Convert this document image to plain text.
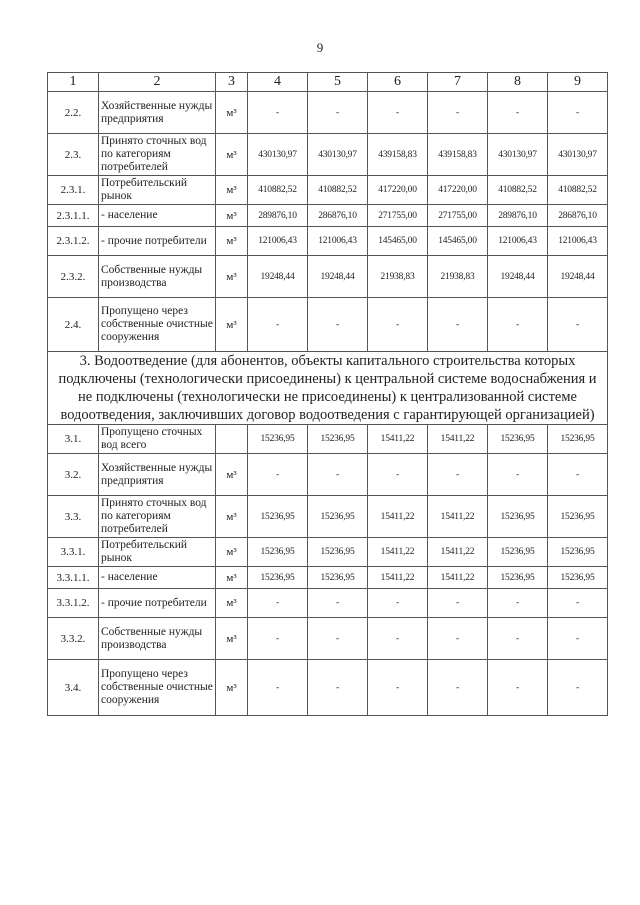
9
1	2	3	4	5	6	7	8	9
2.2.	Хозяйственные нужды предприятия	м³	-	-	-	-	-	-
2.3.	Принято сточных вод по категориям потребителей	м³	430130,97	430130,97	439158,83	439158,83	430130,97	430130,97
2.3.1.	Потребительский рынок	м³	410882,52	410882,52	417220,00	417220,00	410882,52	410882,52
2.3.1.1.	- население	м³	289876,10	286876,10	271755,00	271755,00	289876,10	286876,10
2.3.1.2.	- прочие потребители	м³	121006,43	121006,43	145465,00	145465,00	121006,43	121006,43
2.3.2.	Собственные нужды производства	м³	19248,44	19248,44	21938,83	21938,83	19248,44	19248,44
2.4.	Пропущено через собственные очистные сооружения	м³	-	-	-	-	-	-
3. Водоотведение (для абонентов, объекты капитального строительства которых подключены (технологически присоединены) к центральной системе водоснабжения и не подключены (технологически не присоединены) к централизованной системе водоотведения, заключивших договор водоотведения с гарантирующей организацией)								
3.1.	Пропущено сточных вод всего		15236,95	15236,95	15411,22	15411,22	15236,95	15236,95
3.2.	Хозяйственные нужды предприятия	м³	-	-	-	-	-	-
3.3.	Принято сточных вод по категориям потребителей	м³	15236,95	15236,95	15411,22	15411,22	15236,95	15236,95
3.3.1.	Потребительский рынок	м³	15236,95	15236,95	15411,22	15411,22	15236,95	15236,95
3.3.1.1.	- население	м³	15236,95	15236,95	15411,22	15411,22	15236,95	15236,95
3.3.1.2.	- прочие потребители	м³	-	-	-	-	-	-
3.3.2.	Собственные нужды производства	м³	-	-	-	-	-	-
3.4.	Пропущено через собственные очистные сооружения	м³	-	-	-	-	-	-
